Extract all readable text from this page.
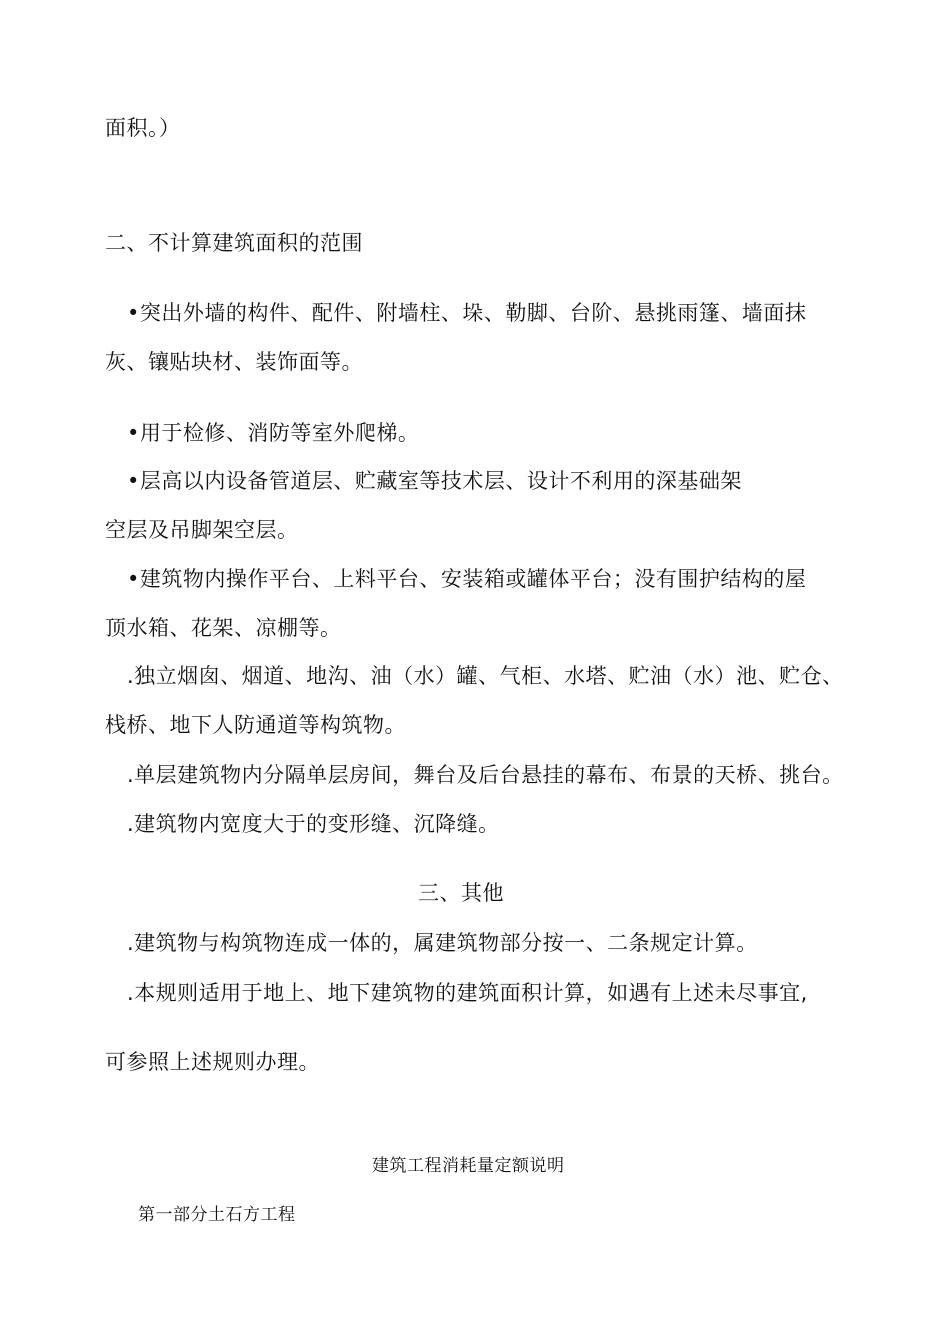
面积。）
二、不计算建筑面积的范围
•突出外墙的构件、配件、附墙柱、垛、勒脚、台阶、悬挑雨篷、墙面抹
灰、镶贴块材、装饰面等。
•用于检修、消防等室外爬梯。
•层高以内设备管道层、贮藏室等技术层、设计不利用的深基础架
空层及吊脚架空层。
•建筑物内操作平台、上料平台、安装箱或罐体平台；没有围护结构的屋
顶水箱、花架、凉棚等。
.独立烟囱、烟道、地沟、油（水）罐、气柜、水塔、贮油（水）池、贮仓、
栈桥、地下人防通道等构筑物。
.单层建筑物内分隔单层房间，舞台及后台悬挂的幕布、布景的天桥、挑台。
.建筑物内宽度大于的变形缝、沉降缝。
三、其他
.建筑物与构筑物连成一体的，属建筑物部分按一、二条规定计算。
.本规则适用于地上、地下建筑物的建筑面积计算，如遇有上述未尽事宜,
可参照上述规则办理。
建筑工程消耗量定额说明
第一部分土石方工程
